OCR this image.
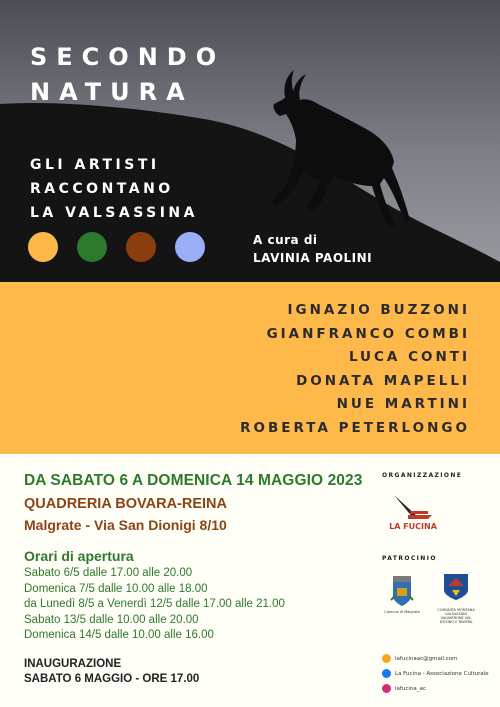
SECONDO
NATURA
GLI ARTISTI
RACCONTANO
LA VALSASSINA
A cura di
LAVINIA PAOLINI
IGNAZIO BUZZONI
GIANFRANCO COMBI
LUCA CONTI
DONATA MAPELLI
NUE MARTINI
ROBERTA PETERLONGO
DA SABATO 6 A DOMENICA 14 MAGGIO 2023
QUADRERIA BOVARA-REINA
Malgrate - Via San Dionigi 8/10
Orari di apertura
Sabato 6/5 dalle 17.00 alle 20.00
Domenica 7/5 dalle 10.00 alle 18.00
da Lunedì 8/5 a Venerdì 12/5 dalle 17.00 alle 21.00
Sabato 13/5 dalle 10.00 alle 20.00
Domenica 14/5 dalle 10.00 alle 16.00
INAUGURAZIONE
SABATO 6 MAGGIO - ORE 17.00
ORGANIZZAZIONE
LA FUCINA
PATROCINIO
Comune di Malgrate	COMUNITÀ MONTANA VALSASSINA VALVARRONE VAL D'ESINO E RIVIERA
lafucinaac@gmail.com
La Fucina - Associazione Culturale
lafucina_ac
